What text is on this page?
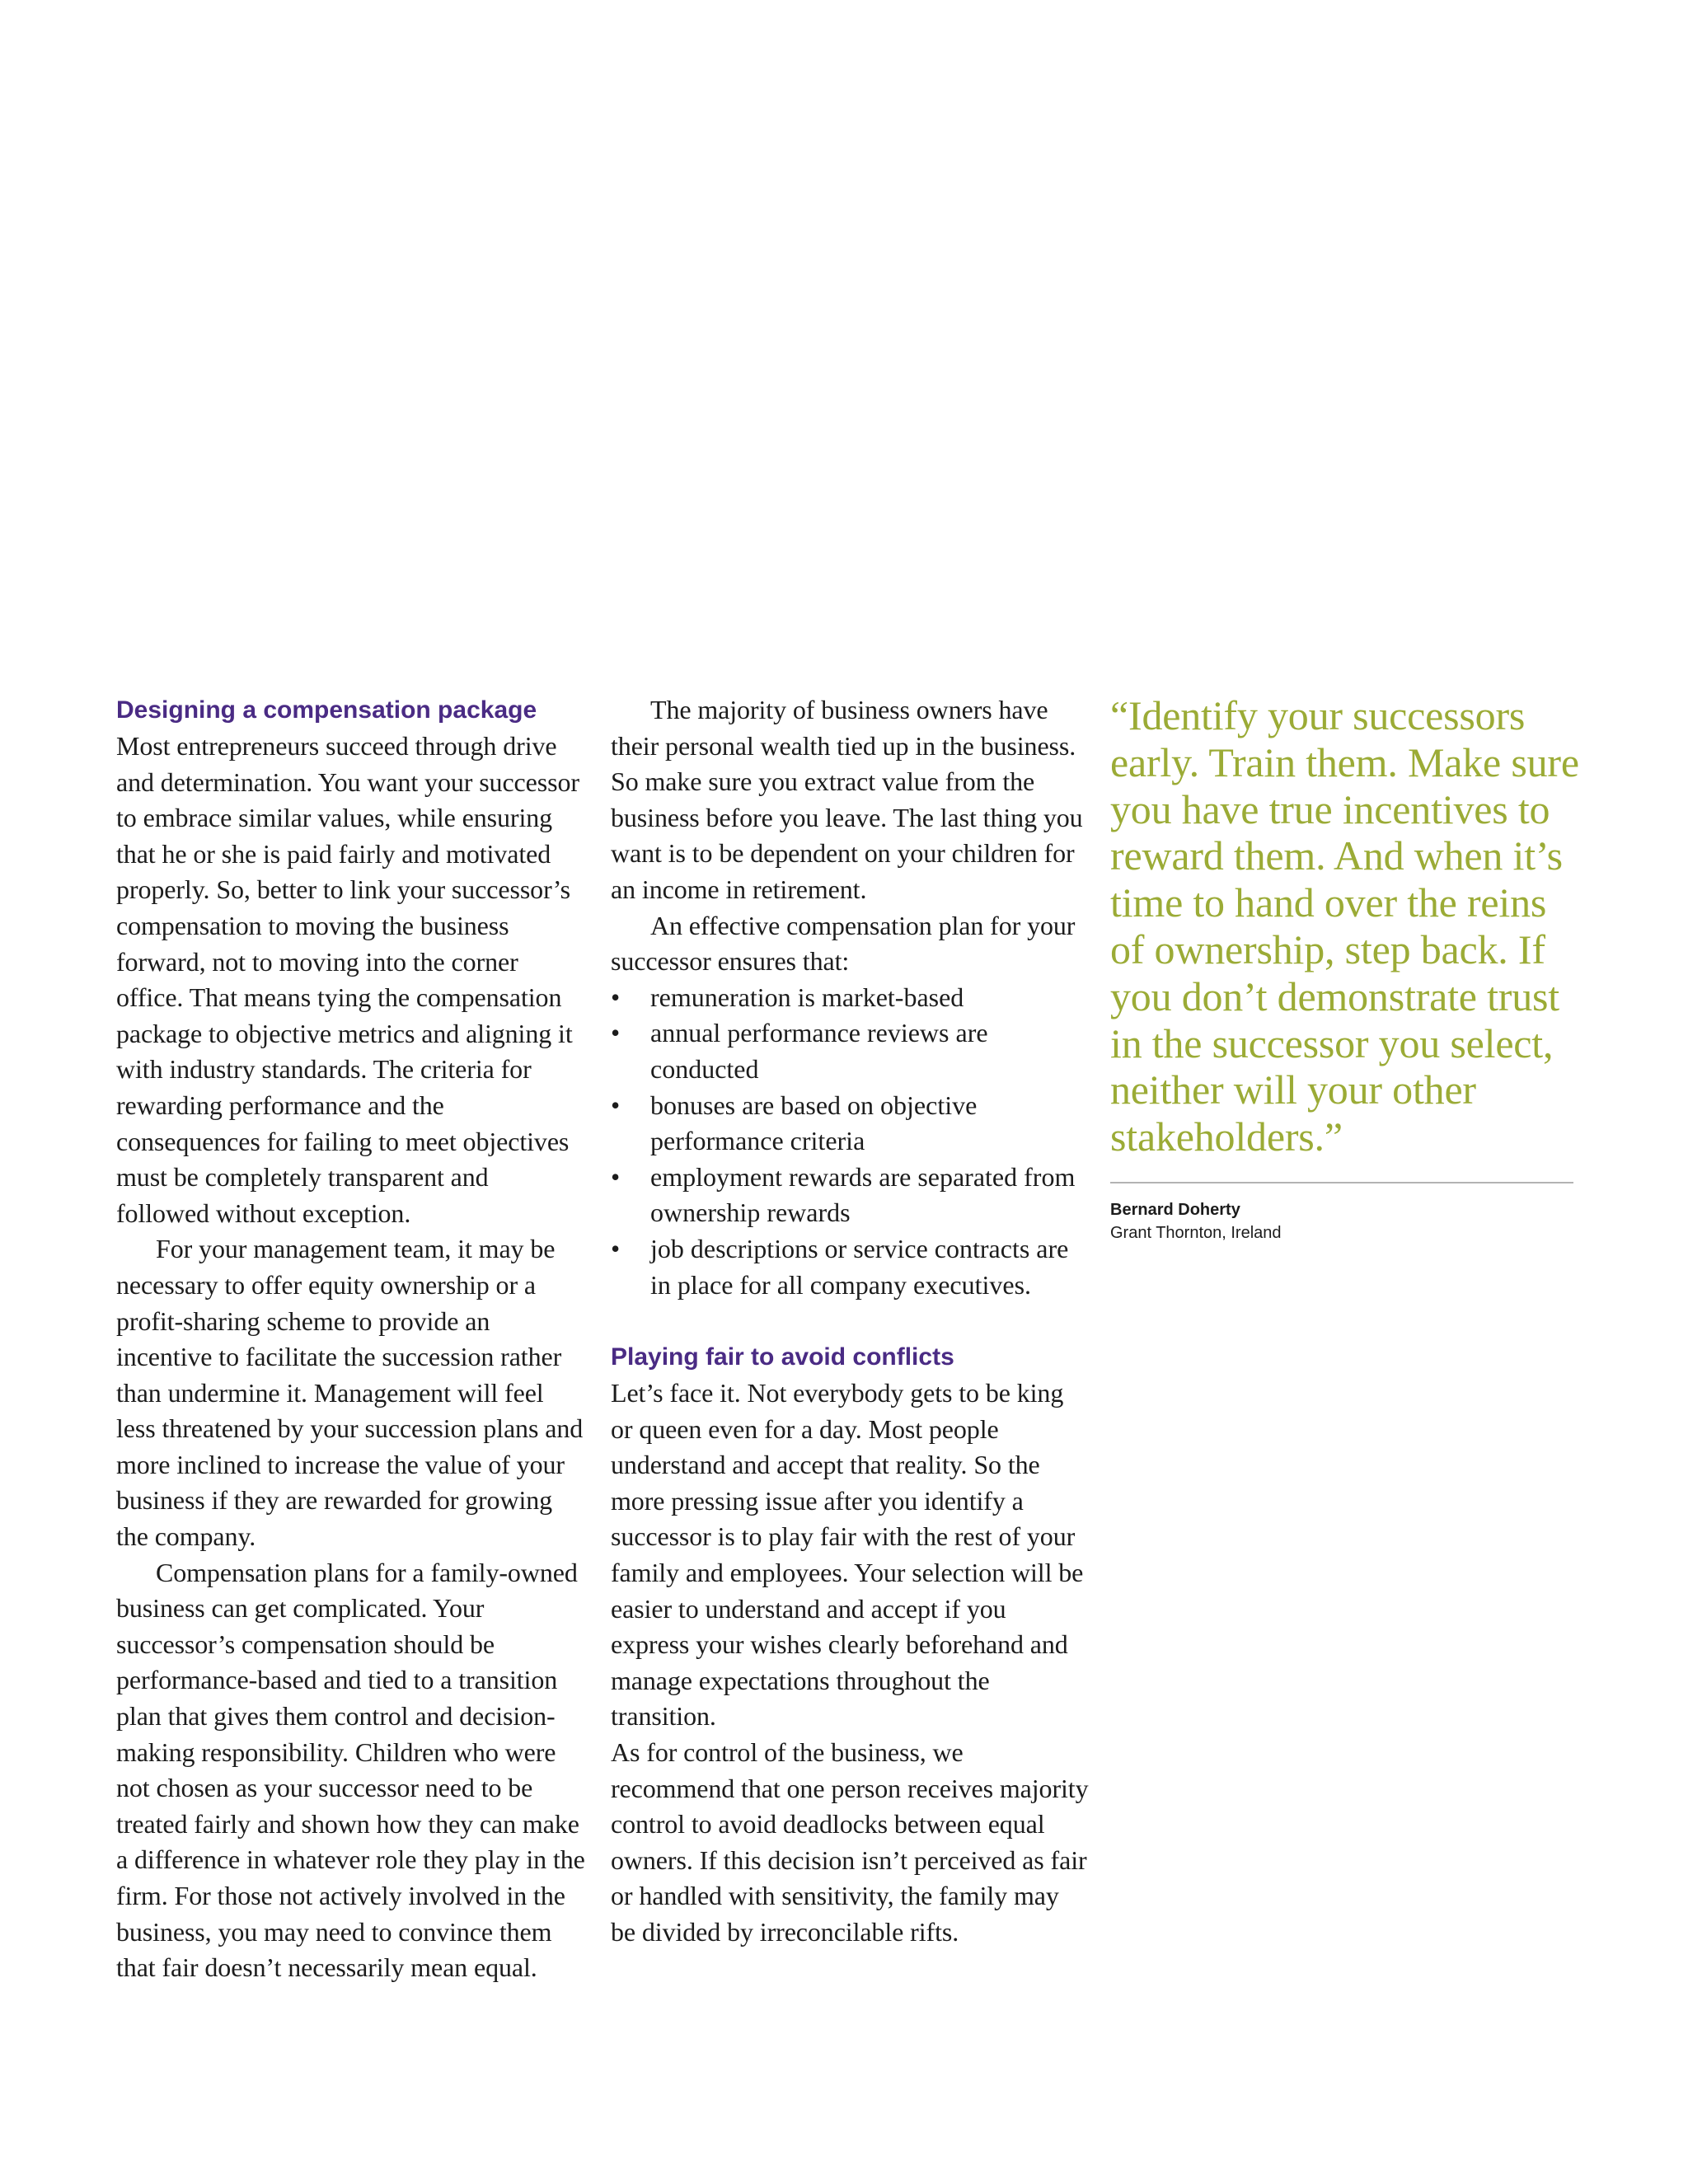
Designing a compensation package

Most entrepreneurs succeed through drive and determination. You want your successor to embrace similar values, while ensuring that he or she is paid fairly and motivated properly. So, better to link your successor’s compensation to moving the business forward, not to moving into the corner office. That means tying the compensation package to objective metrics and aligning it with industry standards. The criteria for rewarding performance and the consequences for failing to meet objectives must be completely transparent and followed without exception.

For your management team, it may be necessary to offer equity ownership or a profit-sharing scheme to provide an incentive to facilitate the succession rather than undermine it. Management will feel less threatened by your succession plans and more inclined to increase the value of your business if they are rewarded for growing the company.

Compensation plans for a family-owned business can get complicated. Your successor’s compensation should be performance-based and tied to a transition plan that gives them control and decision-making responsibility. Children who were not chosen as your successor need to be treated fairly and shown how they can make a difference in whatever role they play in the firm. For those not actively involved in the business, you may need to convince them that fair doesn’t necessarily mean equal.

The majority of business owners have their personal wealth tied up in the business. So make sure you extract value from the business before you leave. The last thing you want is to be dependent on your children for an income in retirement.

An effective compensation plan for your successor ensures that:

•	remuneration is market-based
•	annual performance reviews are conducted
•	bonuses are based on objective performance criteria
•	employment rewards are separated from ownership rewards
•	job descriptions or service contracts are in place for all company executives.
Playing fair to avoid conflicts

Let’s face it. Not everybody gets to be king or queen even for a day. Most people understand and accept that reality. So the more pressing issue after you identify a successor is to play fair with the rest of your family and employees. Your selection will be easier to understand and accept if you express your wishes clearly beforehand and manage expectations throughout the transition.

As for control of the business, we recommend that one person receives majority control to avoid deadlocks between equal owners. If this decision isn’t perceived as fair or handled with sensitivity, the family may be divided by irreconcilable rifts.

“Identify your successors early. Train them. Make sure you have true incentives to reward them. And when it’s time to hand over the reins of ownership, step back. If you don’t demonstrate trust in the successor you select, neither will your other stakeholders.”

Bernard Doherty
Grant Thornton, Ireland
